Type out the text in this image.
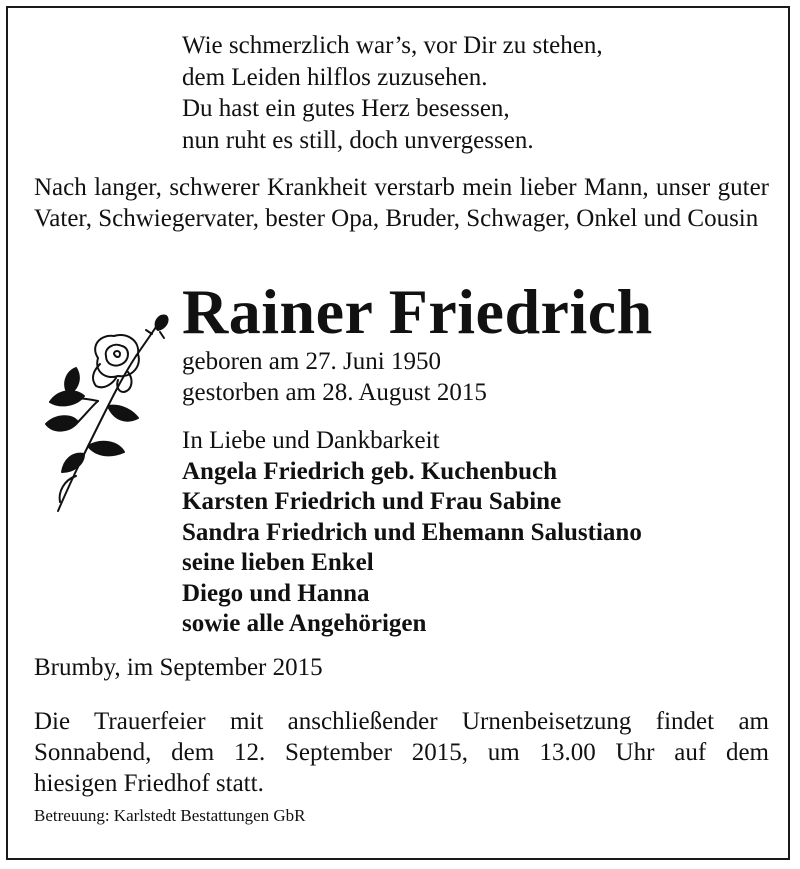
Wie schmerzlich war’s, vor Dir zu stehen,
dem Leiden hilflos zuzusehen.
Du hast ein gutes Herz besessen,
nun ruht es still, doch unvergessen.
Nach langer, schwerer Krankheit verstarb mein lieber Mann, unser guter Vater, Schwiegervater, bester Opa, Bruder, Schwager, Onkel und Cousin
Rainer Friedrich
geboren am 27. Juni 1950
gestorben am 28. August 2015
In Liebe und Dankbarkeit
Angela Friedrich geb. Kuchenbuch
Karsten Friedrich und Frau Sabine
Sandra Friedrich und Ehemann Salustiano
seine lieben Enkel
Diego und Hanna
sowie alle Angehörigen
Brumby, im September 2015
Die Trauerfeier mit anschließender Urnenbeisetzung findet am
Sonnabend, dem 12. September 2015, um 13.00 Uhr auf dem
hiesigen Friedhof statt.
Betreuung: Karlstedt Bestattungen GbR
